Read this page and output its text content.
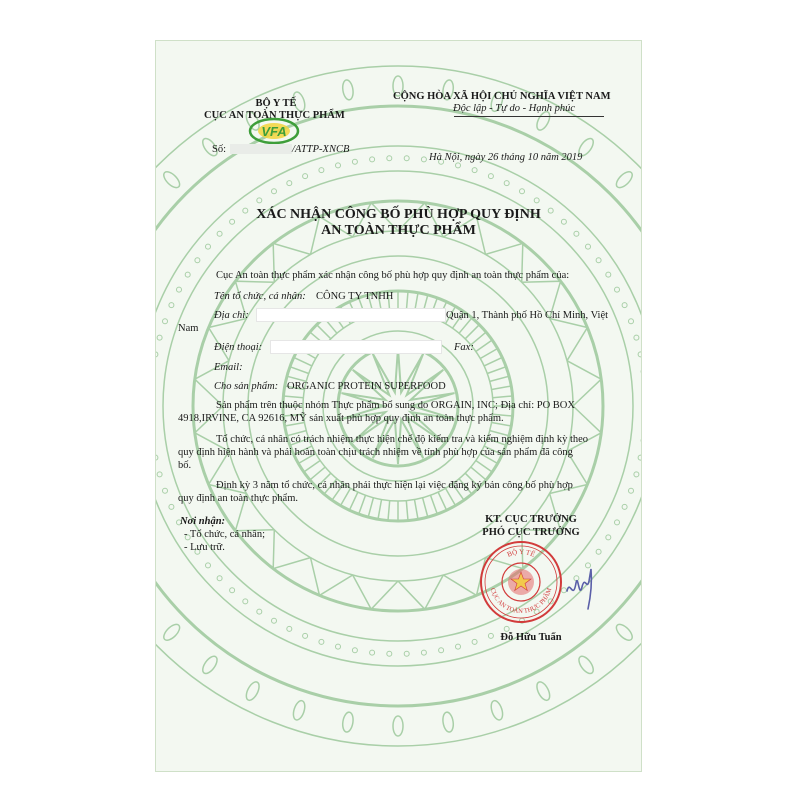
BỘ Y TẾ
CỤC AN TOÀN THỰC PHẨM
VFA
Số:	/ATTP-XNCB
CỘNG HÒA XÃ HỘI CHỦ NGHĨA VIỆT NAM
Độc lập - Tự do - Hạnh phúc
Hà Nội, ngày 26 tháng 10 năm 2019
XÁC NHẬN CÔNG BỐ PHÙ HỢP QUY ĐỊNH
AN TOÀN THỰC PHẨM
Cục An toàn thực phẩm xác nhận công bố phù hợp quy định an toàn thực phẩm của:
Tên tổ chức, cá nhân: CÔNG TY TNHH
Địa chỉ:	Quận 1, Thành phố Hồ Chí Minh, Việt
Nam
Điện thoại:	Fax:
Email:
Cho sản phẩm: ORGANIC PROTEIN SUPERFOOD
Sản phẩm trên thuộc nhóm Thực phẩm bổ sung do ORGAIN, INC; Địa chỉ: PO BOX
4918,IRVINE, CA 92616, MỸ sản xuất phù hợp quy định an toàn thực phẩm.
Tổ chức, cá nhân có trách nhiệm thực hiện chế độ kiểm tra và kiểm nghiệm định kỳ theo
quy định hiện hành và phải hoàn toàn chịu trách nhiệm về tính phù hợp của sản phẩm đã công
bố.
Định kỳ 3 năm tổ chức, cá nhân phải thực hiện lại việc đăng ký bản công bố phù hợp
quy định an toàn thực phẩm.
Nơi nhận:
- Tổ chức, cá nhân;
- Lưu trữ.
KT. CỤC TRƯỞNG
PHÓ CỤC TRƯỞNG
BỘ Y TẾ
CỤC AN TOÀN THỰC PHẨM
Đỗ Hữu Tuấn
